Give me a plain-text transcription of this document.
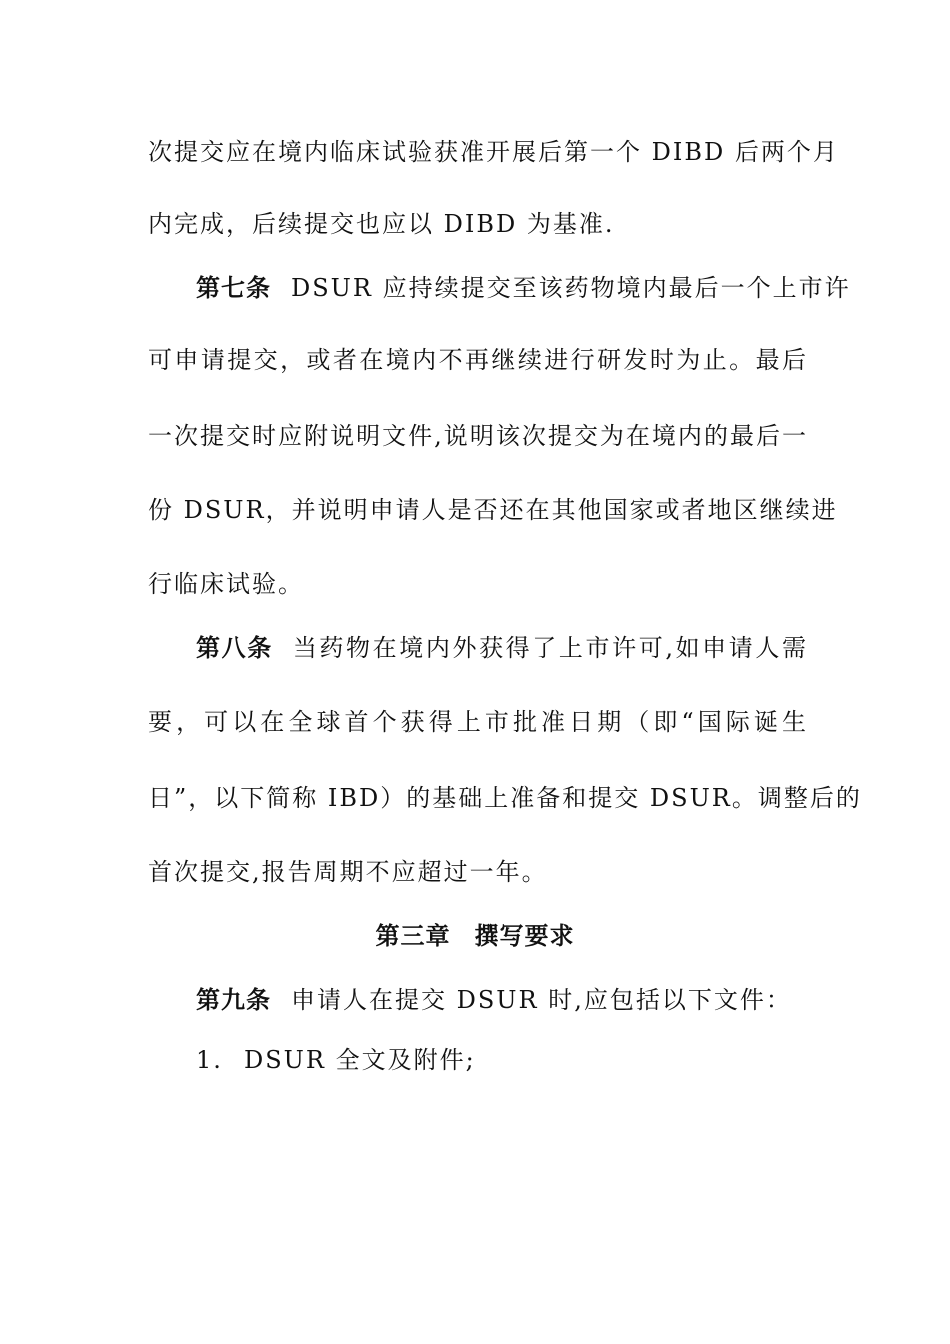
次提交应在境内临床试验获准开展后第一个 DIBD 后两个月
内完成，后续提交也应以 DIBD 为基准.
第七条 DSUR 应持续提交至该药物境内最后一个上市许
可申请提交，或者在境内不再继续进行研发时为止。最后
一次提交时应附说明文件,说明该次提交为在境内的最后一
份 DSUR，并说明申请人是否还在其他国家或者地区继续进
行临床试验。
第八条 当药物在境内外获得了上市许可,如申请人需
要，可以在全球首个获得上市批准日期（即“国际诞生
日”，以下简称 IBD）的基础上准备和提交 DSUR。调整后的
首次提交,报告周期不应超过一年。
第三章 撰写要求
第九条 申请人在提交 DSUR 时,应包括以下文件：
1. DSUR 全文及附件;
